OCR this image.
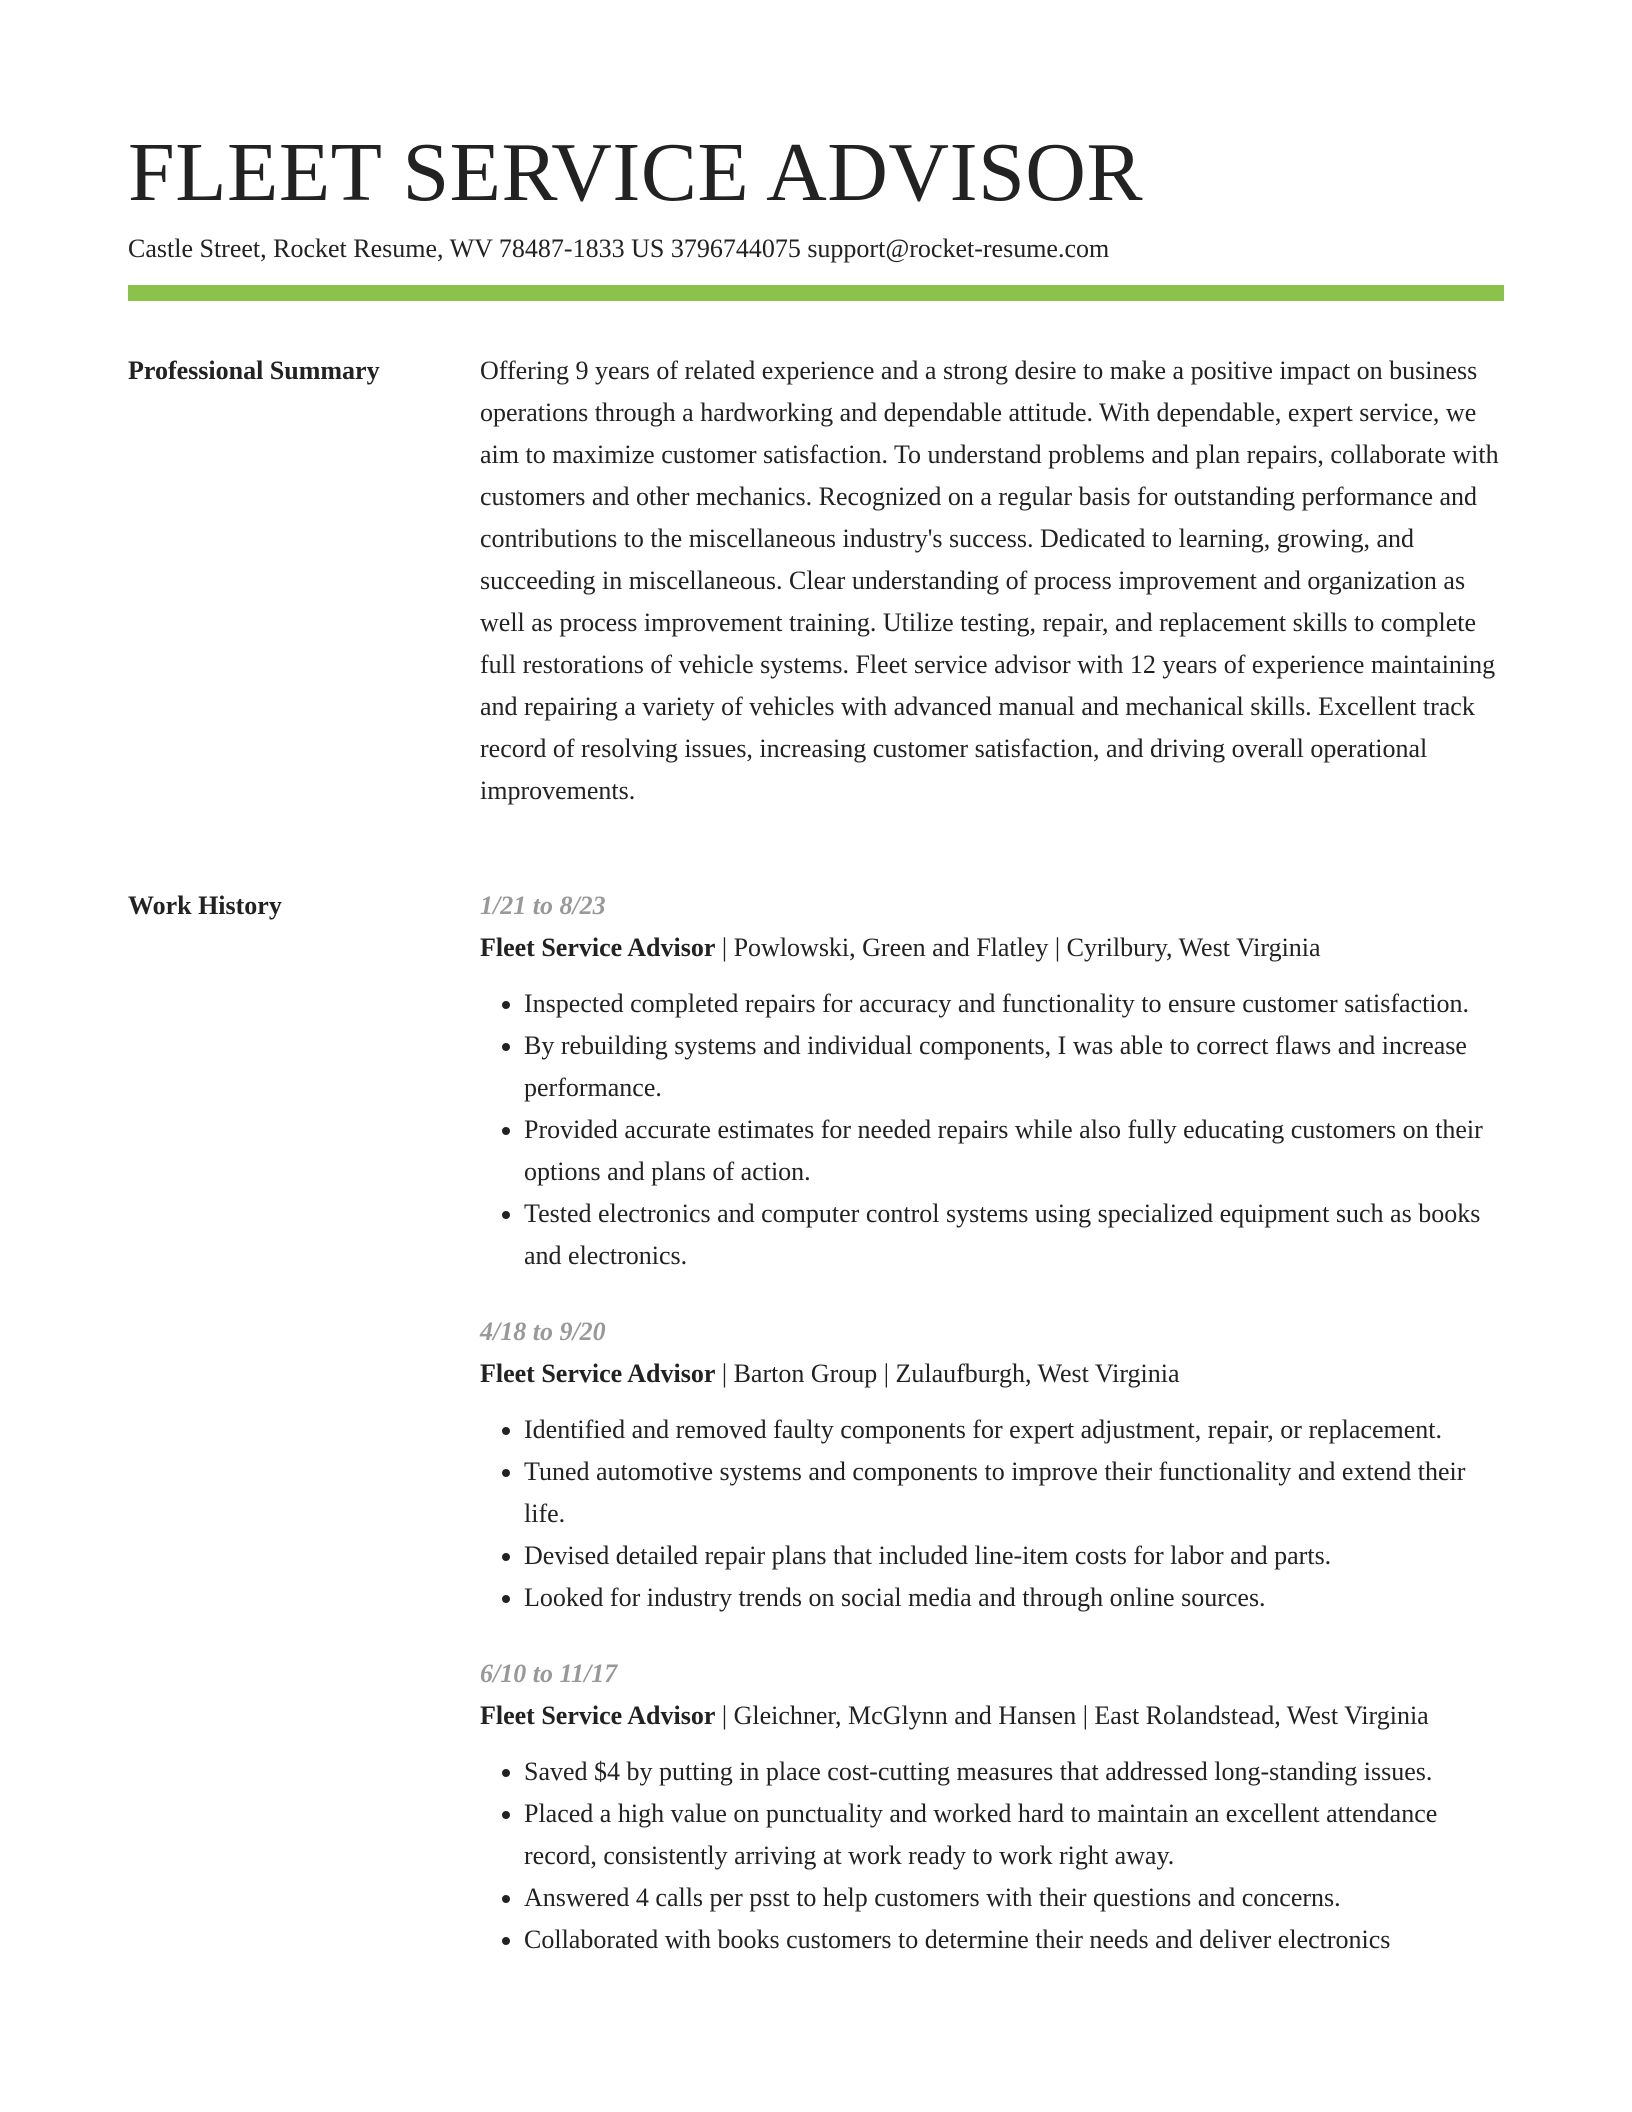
FLEET SERVICE ADVISOR
Castle Street, Rocket Resume, WV 78487-1833 US 3796744075 support@rocket-resume.com
Professional Summary	Offering 9 years of related experience and a strong desire to make a positive impact on business operations through a hardworking and dependable attitude. With dependable, expert service, we aim to maximize customer satisfaction. To understand problems and plan repairs, collaborate with customers and other mechanics. Recognized on a regular basis for outstanding performance and contributions to the miscellaneous industry's success. Dedicated to learning, growing, and succeeding in miscellaneous. Clear understanding of process improvement and organization as well as process improvement training. Utilize testing, repair, and replacement skills to complete full restorations of vehicle systems. Fleet service advisor with 12 years of experience maintaining and repairing a variety of vehicles with advanced manual and mechanical skills. Excellent track record of resolving issues, increasing customer satisfaction, and driving overall operational improvements.

Work History	1/21 to 8/23
Fleet Service Advisor | Powlowski, Green and Flatley | Cyrilbury, West Virginia
• Inspected completed repairs for accuracy and functionality to ensure customer satisfaction.
• By rebuilding systems and individual components, I was able to correct flaws and increase performance.
• Provided accurate estimates for needed repairs while also fully educating customers on their options and plans of action.
• Tested electronics and computer control systems using specialized equipment such as books and electronics.
4/18 to 9/20
Fleet Service Advisor | Barton Group | Zulaufburgh, West Virginia
• Identified and removed faulty components for expert adjustment, repair, or replacement.
• Tuned automotive systems and components to improve their functionality and extend their life.
• Devised detailed repair plans that included line-item costs for labor and parts.
• Looked for industry trends on social media and through online sources.
6/10 to 11/17
Fleet Service Advisor | Gleichner, McGlynn and Hansen | East Rolandstead, West Virginia
• Saved $4 by putting in place cost-cutting measures that addressed long-standing issues.
• Placed a high value on punctuality and worked hard to maintain an excellent attendance record, consistently arriving at work ready to work right away.
• Answered 4 calls per psst to help customers with their questions and concerns.
• Collaborated with books customers to determine their needs and deliver electronics
